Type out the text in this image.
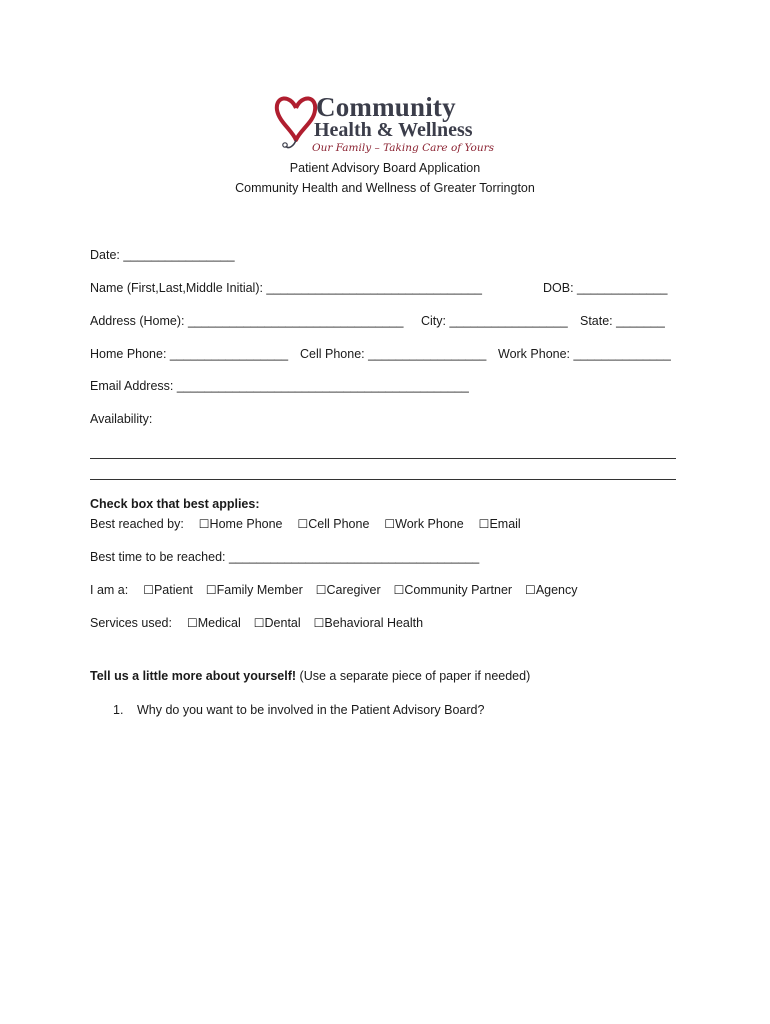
Community
Health & Wellness
Our Family – Taking Care of Yours
Patient Advisory Board Application
Community Health and Wellness of Greater Torrington
Date: ________________
Name (First,Last,Middle Initial): _______________________________	DOB: _____________
Address (Home): _______________________________ City: _________________ State: _______
Home Phone: _________________ Cell Phone: _________________ Work Phone: ______________
Email Address: __________________________________________
Availability:
Check box that best applies:
Best reached by: ☐Home Phone ☐Cell Phone ☐Work Phone ☐Email
Best time to be reached: ____________________________________
I am a: ☐Patient ☐Family Member ☐Caregiver ☐Community Partner ☐Agency
Services used: ☐Medical ☐Dental ☐Behavioral Health
Tell us a little more about yourself! (Use a separate piece of paper if needed)
1. Why do you want to be involved in the Patient Advisory Board?
